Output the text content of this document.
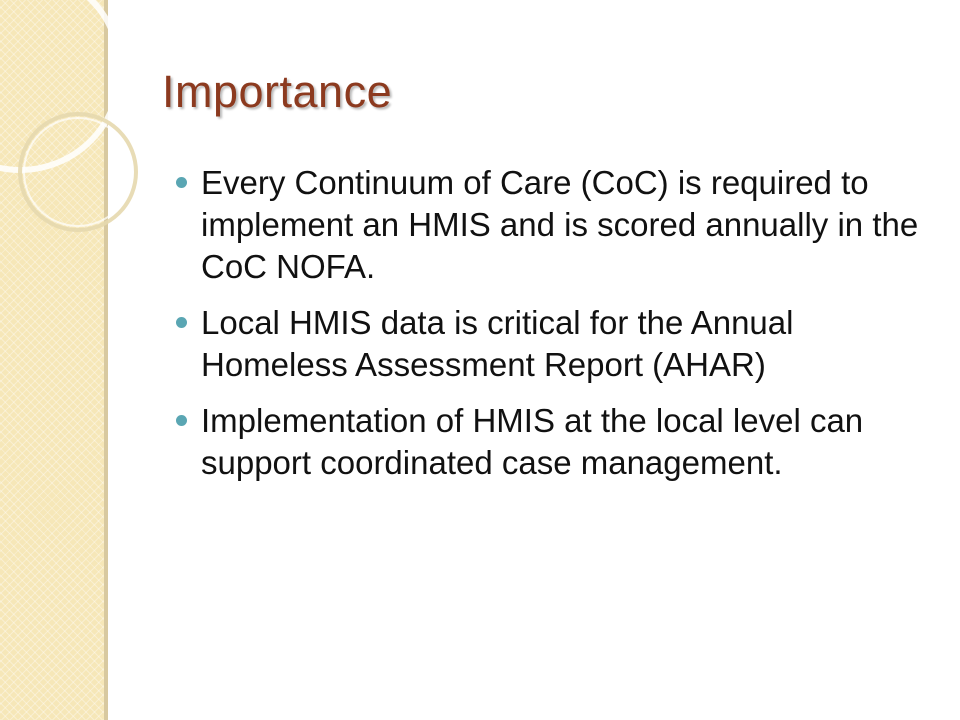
Importance
Every Continuum of Care (CoC) is required to implement an HMIS and is scored annually in the CoC NOFA.
Local HMIS data is critical for the Annual Homeless Assessment Report (AHAR)
Implementation of HMIS at the local level can support coordinated case management.
